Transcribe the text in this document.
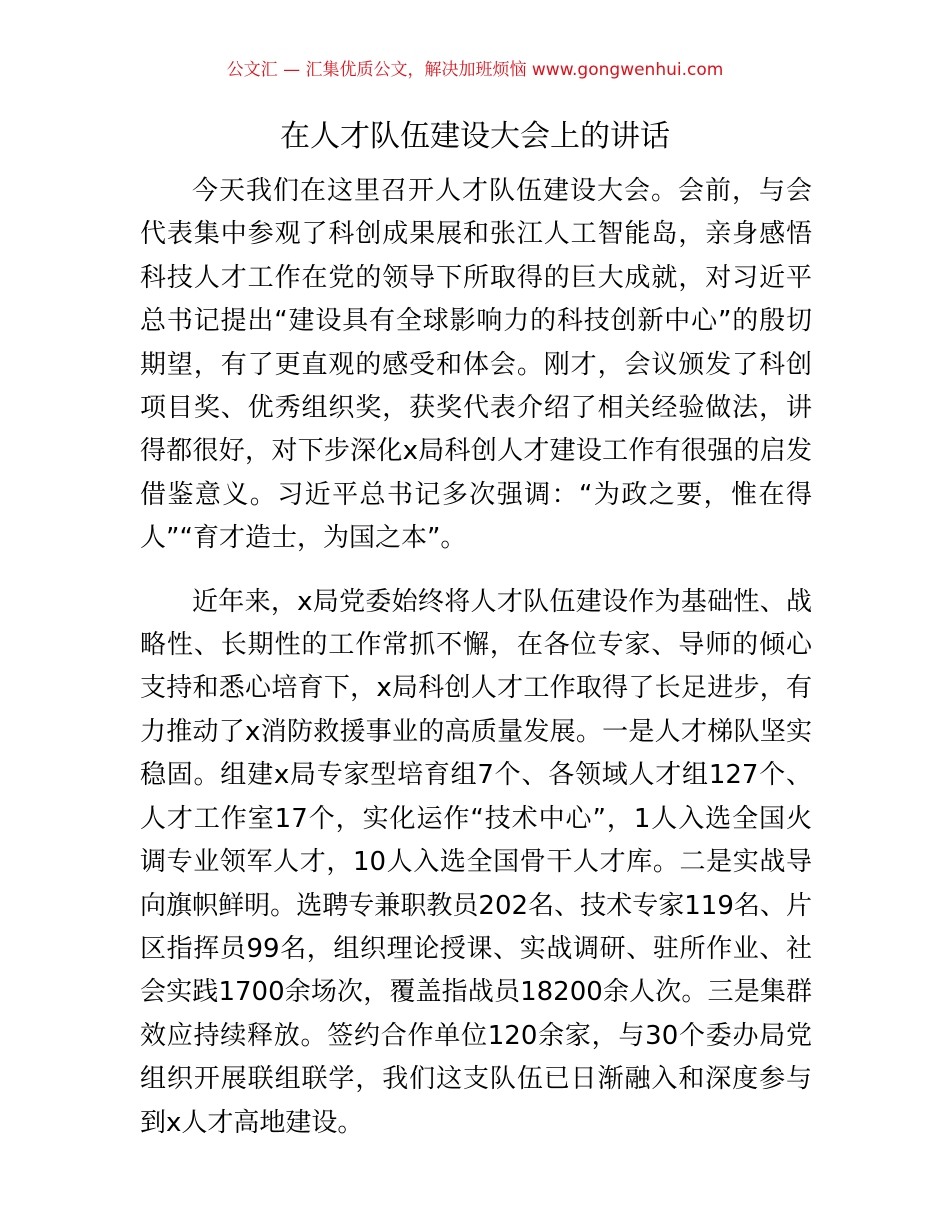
公文汇 — 汇集优质公文，解决加班烦恼 www.gongwenhui.com
在人才队伍建设大会上的讲话

今天我们在这里召开人才队伍建设大会。会前，与会代表集中参观了科创成果展和张江人工智能岛，亲身感悟科技人才工作在党的领导下所取得的巨大成就，对习近平总书记提出“建设具有全球影响力的科技创新中心”的殷切期望，有了更直观的感受和体会。刚才，会议颁发了科创项目奖、优秀组织奖，获奖代表介绍了相关经验做法，讲得都很好，对下步深化x局科创人才建设工作有很强的启发借鉴意义。习近平总书记多次强调：“为政之要，惟在得人”“育才造士，为国之本”。

近年来，x局党委始终将人才队伍建设作为基础性、战略性、长期性的工作常抓不懈，在各位专家、导师的倾心支持和悉心培育下，x局科创人才工作取得了长足进步，有力推动了x消防救援事业的高质量发展。一是人才梯队坚实稳固。组建x局专家型培育组7个、各领域人才组127个、人才工作室17个，实化运作“技术中心”，1人入选全国火调专业领军人才，10人入选全国骨干人才库。二是实战导向旗帜鲜明。选聘专兼职教员202名、技术专家119名、片区指挥员99名，组织理论授课、实战调研、驻所作业、社会实践1700余场次，覆盖指战员18200余人次。三是集群效应持续释放。签约合作单位120余家，与30个委办局党组织开展联组联学，我们这支队伍已日渐融入和深度参与到x人才高地建设。
